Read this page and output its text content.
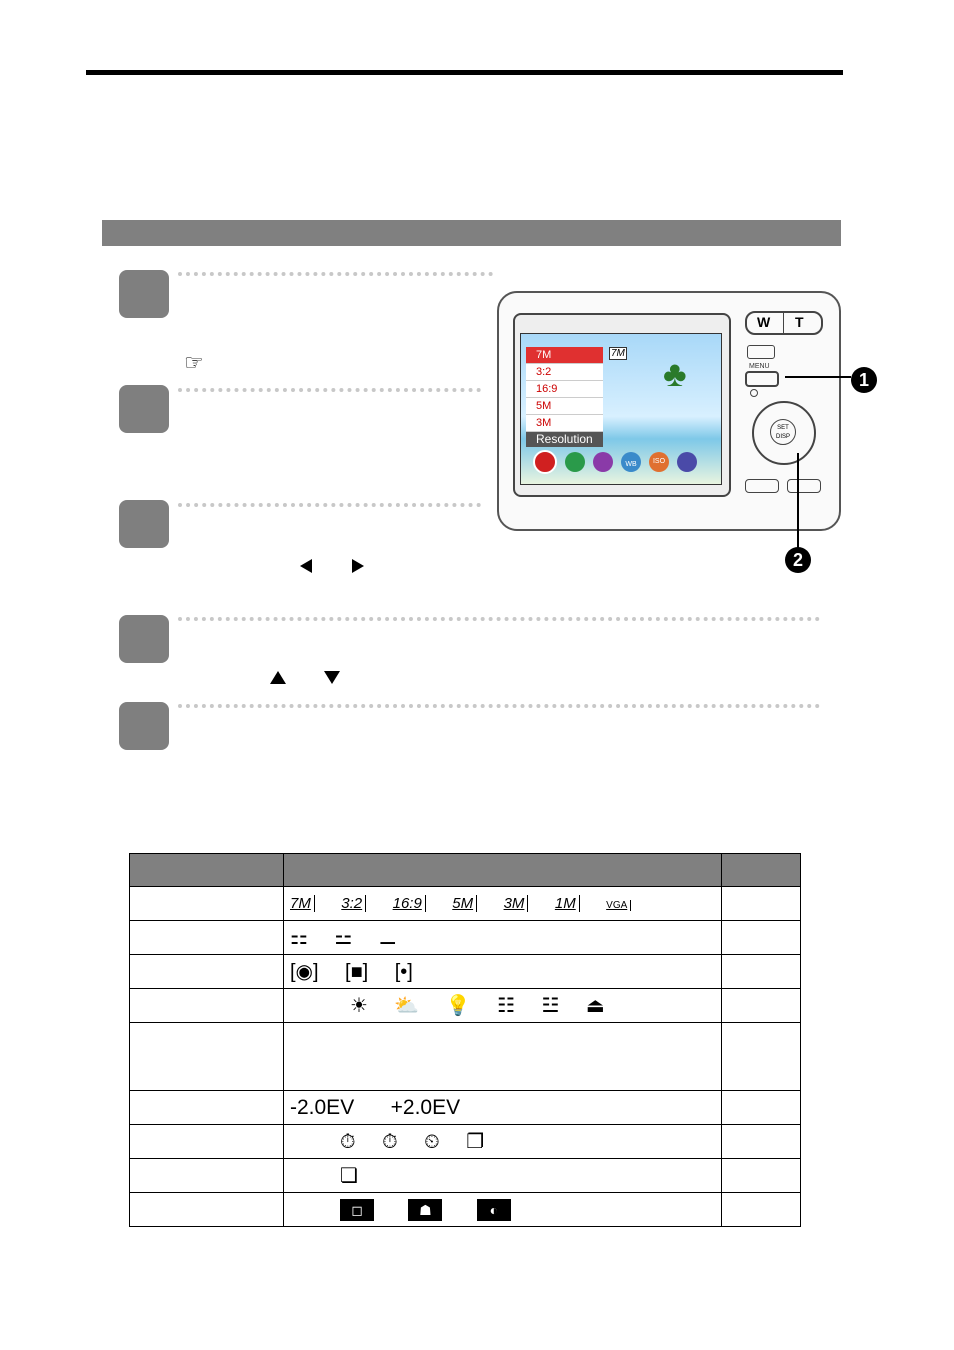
☞	7M
3:2
16:9
5M
3M
Resolution
7M ♣
WB	ISO
W T
MENU
SET
DISP
1
2

	7M 3:2 16:9 5M 3M 1M VGA	
	⚏ ⚍ ⚊	
	[◉] [■] [•]	
	☀ ⛅ 💡 ☷ ☳ ⏏	

	-2.0EV +2.0EV	
	⏱ ⏱ ⏲ ❐	
	❏	
	◻ ☗ ◐	
